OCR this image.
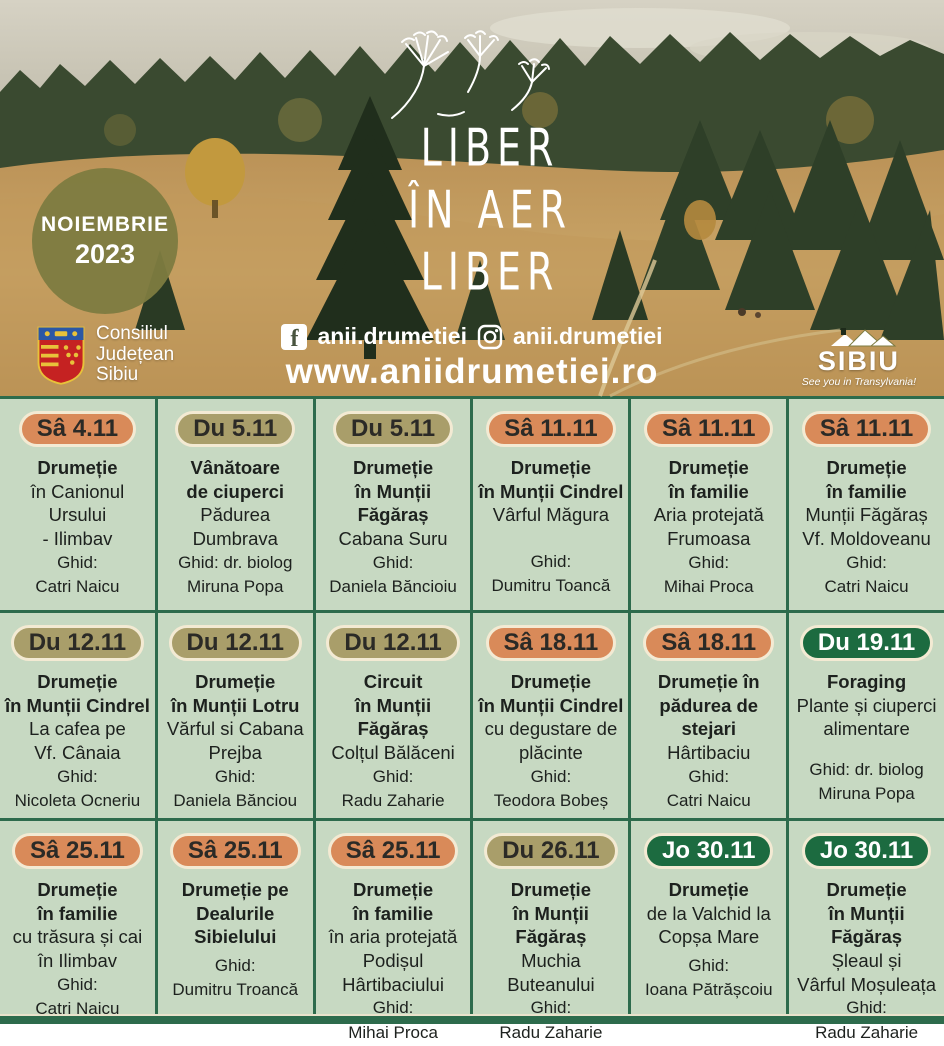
NOIEMBRIE
2023
LIBER
ÎN AER
LIBER
f anii.drumetiei anii.drumetiei
www.aniidrumetiei.ro
Consiliul
Județean
Sibiu	SIBIU
See you in Transylvania!
Sâ 4.11
Drumeție
în Canionul Ursului
- Ilimbav
Ghid:
Catri Naicu
Du 5.11
Vânătoare
de ciuperci
Pădurea
Dumbrava
Ghid: dr. biolog
Miruna Popa
Du 5.11
Drumeție
în Munții Făgăraș
Cabana Suru
Ghid:
Daniela Băncioiu
Sâ 11.11
Drumeție
în Munții Cindrel
Vârful Măgura
Ghid:
Dumitru Toancă
Sâ 11.11
Drumeție
în familie
Aria protejată
Frumoasa
Ghid:
Mihai Proca
Sâ 11.11
Drumeție
în familie
Munții Făgăraș
Vf. Moldoveanu
Ghid:
Catri Naicu
Du 12.11
Drumeție
în Munții Cindrel
La cafea pe
Vf. Cânaia
Ghid:
Nicoleta Ocneriu
Du 12.11
Drumeție
în Munții Lotru
Vărful si Cabana
Prejba
Ghid:
Daniela Bănciou
Du 12.11
Circuit
în Munții Făgăraș
Colțul Bălăceni
Ghid:
Radu Zaharie
Sâ 18.11
Drumeție
în Munții Cindrel
cu degustare de
plăcinte
Ghid:
Teodora Bobeș
Sâ 18.11
Drumeție în
pădurea de stejari
Hârtibaciu
Ghid:
Catri Naicu
Du 19.11
Foraging
Plante și ciuperci
alimentare
Ghid: dr. biolog
Miruna Popa
Sâ 25.11
Drumeție
în familie
cu trăsura și cai
în Ilimbav
Ghid:
Catri Naicu
Sâ 25.11
Drumeție pe
Dealurile
Sibielului
Ghid:
Dumitru Troancă
Sâ 25.11
Drumeție
în familie
în aria protejată
Podișul
Hârtibaciului
Ghid:
Mihai Proca
Du 26.11
Drumeție
în Munții Făgăraș
Muchia
Buteanului
Ghid:
Radu Zaharie
Jo 30.11
Drumeție
de la Valchid la
Copșa Mare
Ghid:
Ioana Pătrășcoiu
Jo 30.11
Drumeție
în Munții Făgăraș
Șleaul și
Vârful Moșuleața
Ghid:
Radu Zaharie
